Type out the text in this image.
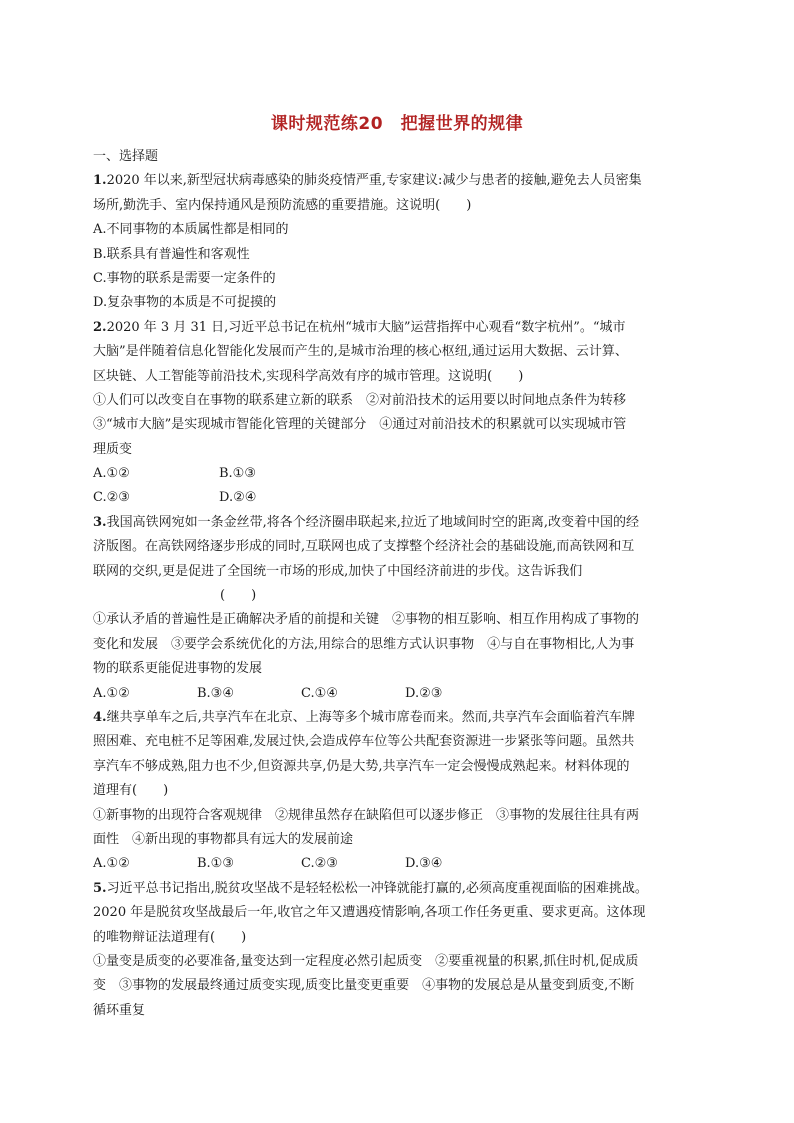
课时规范练20　把握世界的规律
一、选择题
1.2020 年以来,新型冠状病毒感染的肺炎疫情严重,专家建议:减少与患者的接触,避免去人员密集
场所,勤洗手、室内保持通风是预防流感的重要措施。这说明(　　)
A.不同事物的本质属性都是相同的
B.联系具有普遍性和客观性
C.事物的联系是需要一定条件的
D.复杂事物的本质是不可捉摸的
2.2020 年 3 月 31 日,习近平总书记在杭州“城市大脑”运营指挥中心观看“数字杭州”。“城市
大脑”是伴随着信息化智能化发展而产生的,是城市治理的核心枢纽,通过运用大数据、云计算、
区块链、人工智能等前沿技术,实现科学高效有序的城市管理。这说明(　　)
①人们可以改变自在事物的联系建立新的联系　②对前沿技术的运用要以时间地点条件为转移
③“城市大脑”是实现城市智能化管理的关键部分　④通过对前沿技术的积累就可以实现城市管
理质变
A.①②	B.①③
C.②③	D.②④
3.我国高铁网宛如一条金丝带,将各个经济圈串联起来,拉近了地域间时空的距离,改变着中国的经
济版图。在高铁网络逐步形成的同时,互联网也成了支撑整个经济社会的基础设施,而高铁网和互
联网的交织,更是促进了全国统一市场的形成,加快了中国经济前进的步伐。这告诉我们
(　　)
①承认矛盾的普遍性是正确解决矛盾的前提和关键　②事物的相互影响、相互作用构成了事物的
变化和发展　③要学会系统优化的方法,用综合的思维方式认识事物　④与自在事物相比,人为事
物的联系更能促进事物的发展
A.①②	B.③④	C.①④	D.②③
4.继共享单车之后,共享汽车在北京、上海等多个城市席卷而来。然而,共享汽车会面临着汽车牌
照困难、充电桩不足等困难,发展过快,会造成停车位等公共配套资源进一步紧张等问题。虽然共
享汽车不够成熟,阻力也不少,但资源共享,仍是大势,共享汽车一定会慢慢成熟起来。材料体现的
道理有(　　)
①新事物的出现符合客观规律　②规律虽然存在缺陷但可以逐步修正　③事物的发展往往具有两
面性　④新出现的事物都具有远大的发展前途
A.①②	B.①③	C.②③	D.③④
5.习近平总书记指出,脱贫攻坚战不是轻轻松松一冲锋就能打赢的,必须高度重视面临的困难挑战。
2020 年是脱贫攻坚战最后一年,收官之年又遭遇疫情影响,各项工作任务更重、要求更高。这体现
的唯物辩证法道理有(　　)
①量变是质变的必要准备,量变达到一定程度必然引起质变　②要重视量的积累,抓住时机,促成质
变　③事物的发展最终通过质变实现,质变比量变更重要　④事物的发展总是从量变到质变,不断
循环重复
